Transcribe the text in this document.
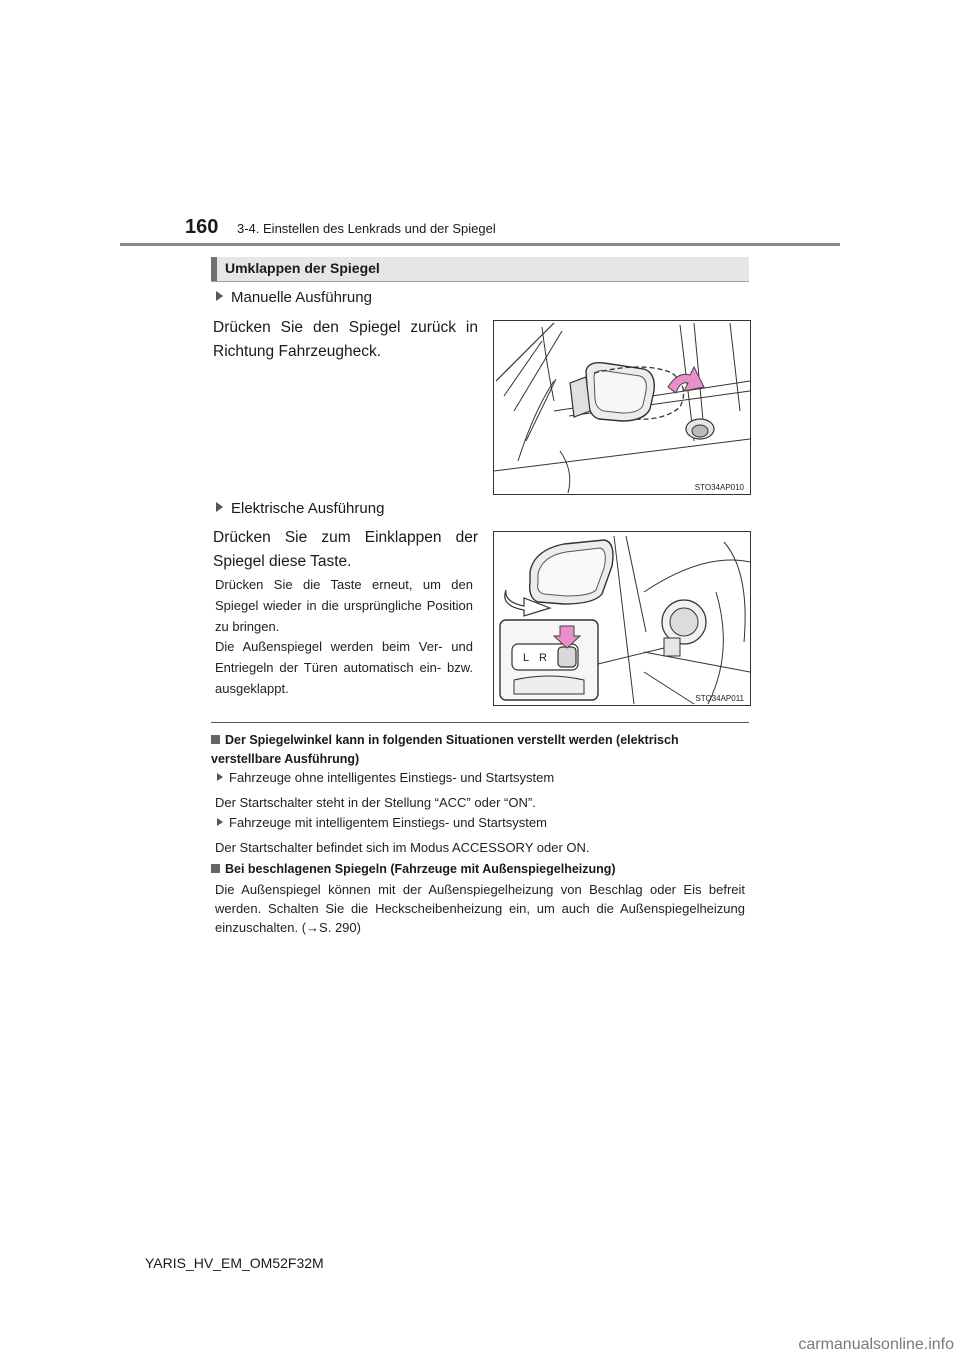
160 3-4. Einstellen des Lenkrads und der Spiegel
Umklappen der Spiegel
Manuelle Ausführung
Drücken Sie den Spiegel zurück in Richtung Fahrzeugheck.
STO34AP010
Elektrische Ausführung
Drücken Sie zum Einklappen der Spiegel diese Taste.
Drücken Sie die Taste erneut, um den Spiegel wieder in die ursprüngliche Position zu bringen.
Die Außenspiegel werden beim Ver- und Entriegeln der Türen automatisch ein- bzw. ausgeklappt.
L R
STO34AP011
Der Spiegelwinkel kann in folgenden Situationen verstellt werden (elektrisch verstellbare Ausführung)
Fahrzeuge ohne intelligentes Einstiegs- und Startsystem
Der Startschalter steht in der Stellung “ACC” oder “ON”.
Fahrzeuge mit intelligentem Einstiegs- und Startsystem
Der Startschalter befindet sich im Modus ACCESSORY oder ON.
Bei beschlagenen Spiegeln (Fahrzeuge mit Außenspiegelheizung)
Die Außenspiegel können mit der Außenspiegelheizung von Beschlag oder Eis befreit werden. Schalten Sie die Heckscheibenheizung ein, um auch die Außenspiegelheizung einzuschalten. (→S. 290)
YARIS_HV_EM_OM52F32M
carmanualsonline.info
